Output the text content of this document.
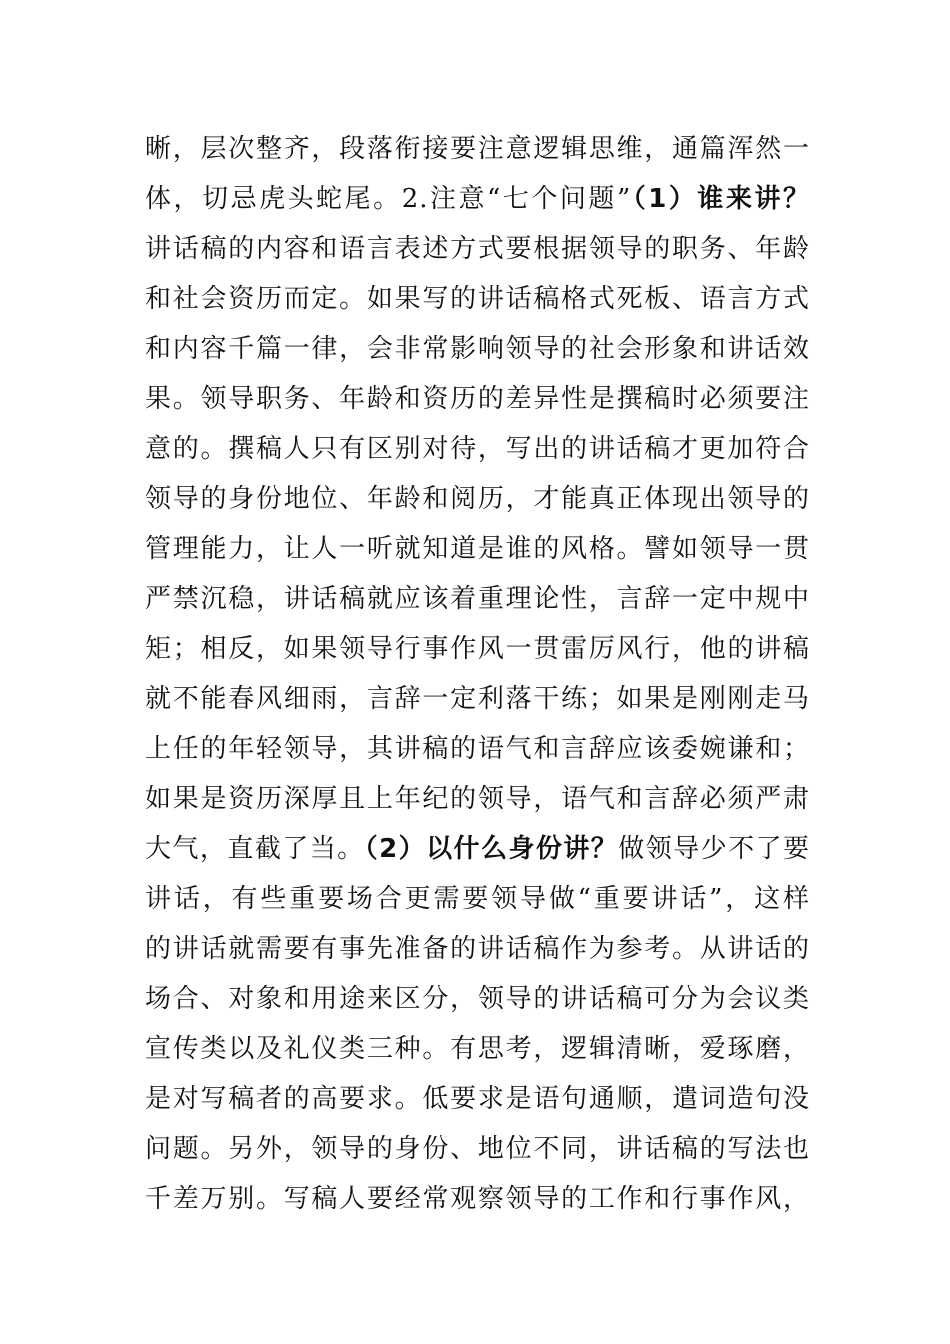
晰，层次整齐，段落衔接要注意逻辑思维，通篇浑然一
体，切忌虎头蛇尾。2.注意“七个问题”（1）谁来讲？
讲话稿的内容和语言表述方式要根据领导的职务、年龄
和社会资历而定。如果写的讲话稿格式死板、语言方式
和内容千篇一律，会非常影响领导的社会形象和讲话效
果。领导职务、年龄和资历的差异性是撰稿时必须要注
意的。撰稿人只有区别对待，写出的讲话稿才更加符合
领导的身份地位、年龄和阅历，才能真正体现出领导的
管理能力，让人一听就知道是谁的风格。譬如领导一贯
严禁沉稳，讲话稿就应该着重理论性，言辞一定中规中
矩；相反，如果领导行事作风一贯雷厉风行，他的讲稿
就不能春风细雨，言辞一定利落干练；如果是刚刚走马
上任的年轻领导，其讲稿的语气和言辞应该委婉谦和；
如果是资历深厚且上年纪的领导，语气和言辞必须严肃
大气，直截了当。（2）以什么身份讲？做领导少不了要
讲话，有些重要场合更需要领导做“重要讲话”，这样
的讲话就需要有事先准备的讲话稿作为参考。从讲话的
场合、对象和用途来区分，领导的讲话稿可分为会议类
宣传类以及礼仪类三种。有思考，逻辑清晰，爱琢磨，
是对写稿者的高要求。低要求是语句通顺，遣词造句没
问题。另外，领导的身份、地位不同，讲话稿的写法也
千差万别。写稿人要经常观察领导的工作和行事作风，
